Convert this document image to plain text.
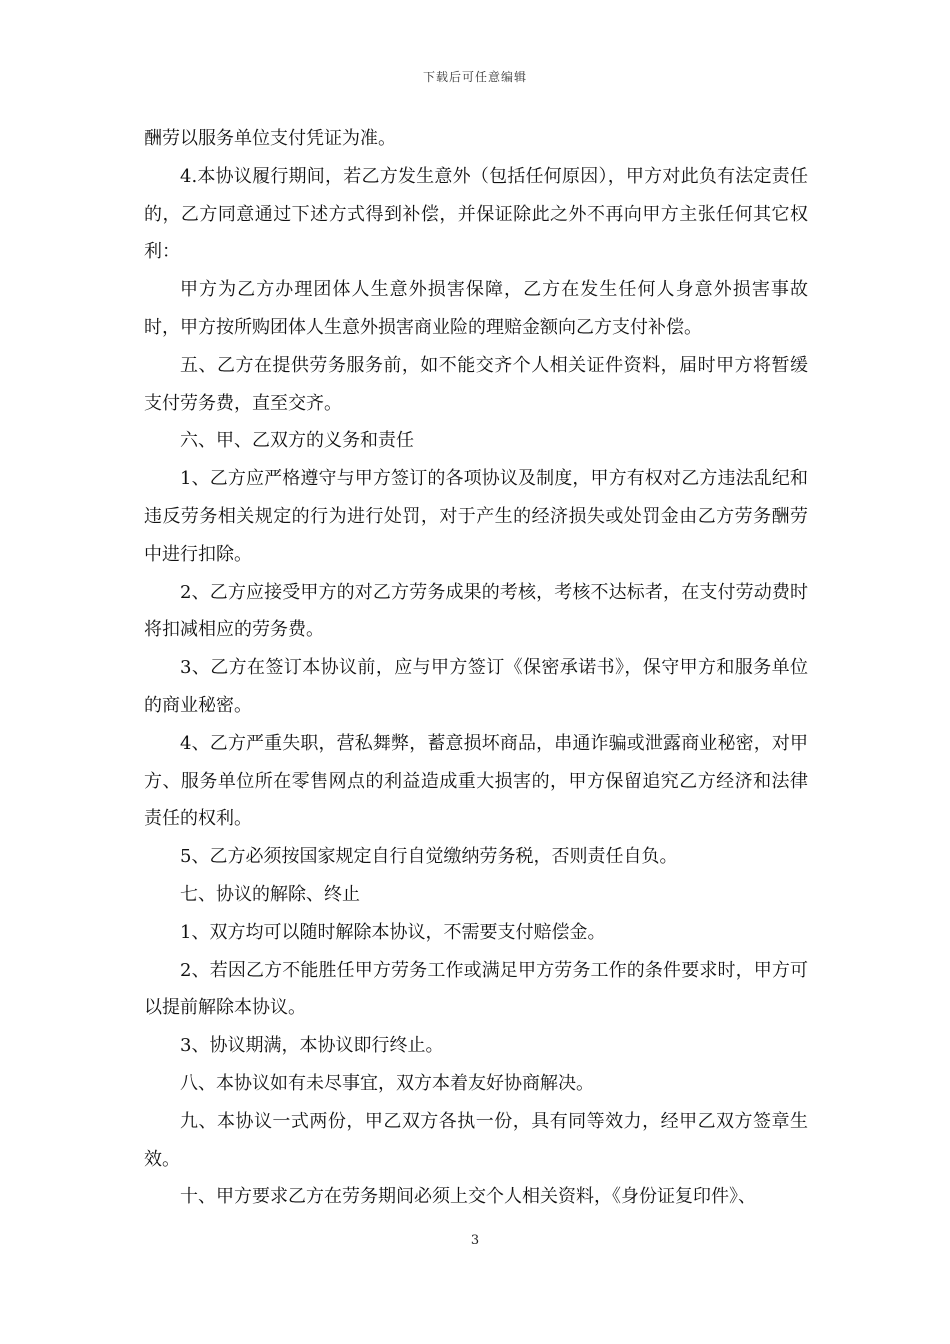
下载后可任意编辑

酬劳以服务单位支付凭证为准。

4.本协议履行期间，若乙方发生意外（包括任何原因），甲方对此负有法定责任的，乙方同意通过下述方式得到补偿，并保证除此之外不再向甲方主张任何其它权利：

甲方为乙方办理团体人生意外损害保障，乙方在发生任何人身意外损害事故时，甲方按所购团体人生意外损害商业险的理赔金额向乙方支付补偿。

五、乙方在提供劳务服务前，如不能交齐个人相关证件资料，届时甲方将暂缓支付劳务费，直至交齐。

六、甲、乙双方的义务和责任

1、乙方应严格遵守与甲方签订的各项协议及制度，甲方有权对乙方违法乱纪和违反劳务相关规定的行为进行处罚，对于产生的经济损失或处罚金由乙方劳务酬劳中进行扣除。

2、乙方应接受甲方的对乙方劳务成果的考核，考核不达标者，在支付劳动费时将扣减相应的劳务费。

3、乙方在签订本协议前，应与甲方签订《保密承诺书》，保守甲方和服务单位的商业秘密。

4、乙方严重失职，营私舞弊，蓄意损坏商品，串通诈骗或泄露商业秘密，对甲方、服务单位所在零售网点的利益造成重大损害的，甲方保留追究乙方经济和法律责任的权利。

5、乙方必须按国家规定自行自觉缴纳劳务税，否则责任自负。

七、协议的解除、终止

1、双方均可以随时解除本协议，不需要支付赔偿金。

2、若因乙方不能胜任甲方劳务工作或满足甲方劳务工作的条件要求时，甲方可以提前解除本协议。

3、协议期满，本协议即行终止。

八、本协议如有未尽事宜，双方本着友好协商解决。

九、本协议一式两份，甲乙双方各执一份，具有同等效力，经甲乙双方签章生效。

十、甲方要求乙方在劳务期间必须上交个人相关资料，《身份证复印件》、

3
